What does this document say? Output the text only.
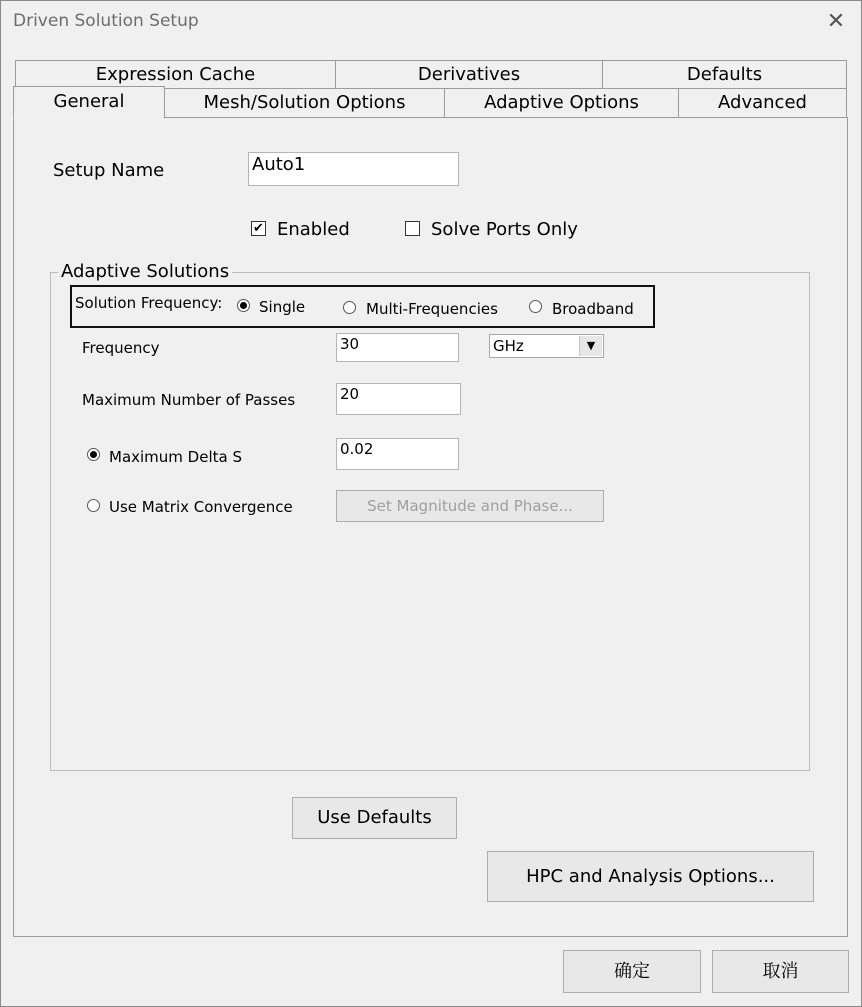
Driven Solution Setup	✕
Expression Cache	Derivatives	Defaults
Mesh/Solution Options	Adaptive Options	Advanced
General
Setup Name	Auto1
✔ Enabled	Solve Ports Only
Adaptive Solutions
Solution Frequency: Single	Multi-Frequencies	Broadband
Frequency	30	GHz	▼
Maximum Number of Passes	20
Maximum Delta S	0.02
Use Matrix Convergence	Set Magnitude and Phase...
Use Defaults
HPC and Analysis Options...
确定	取消
